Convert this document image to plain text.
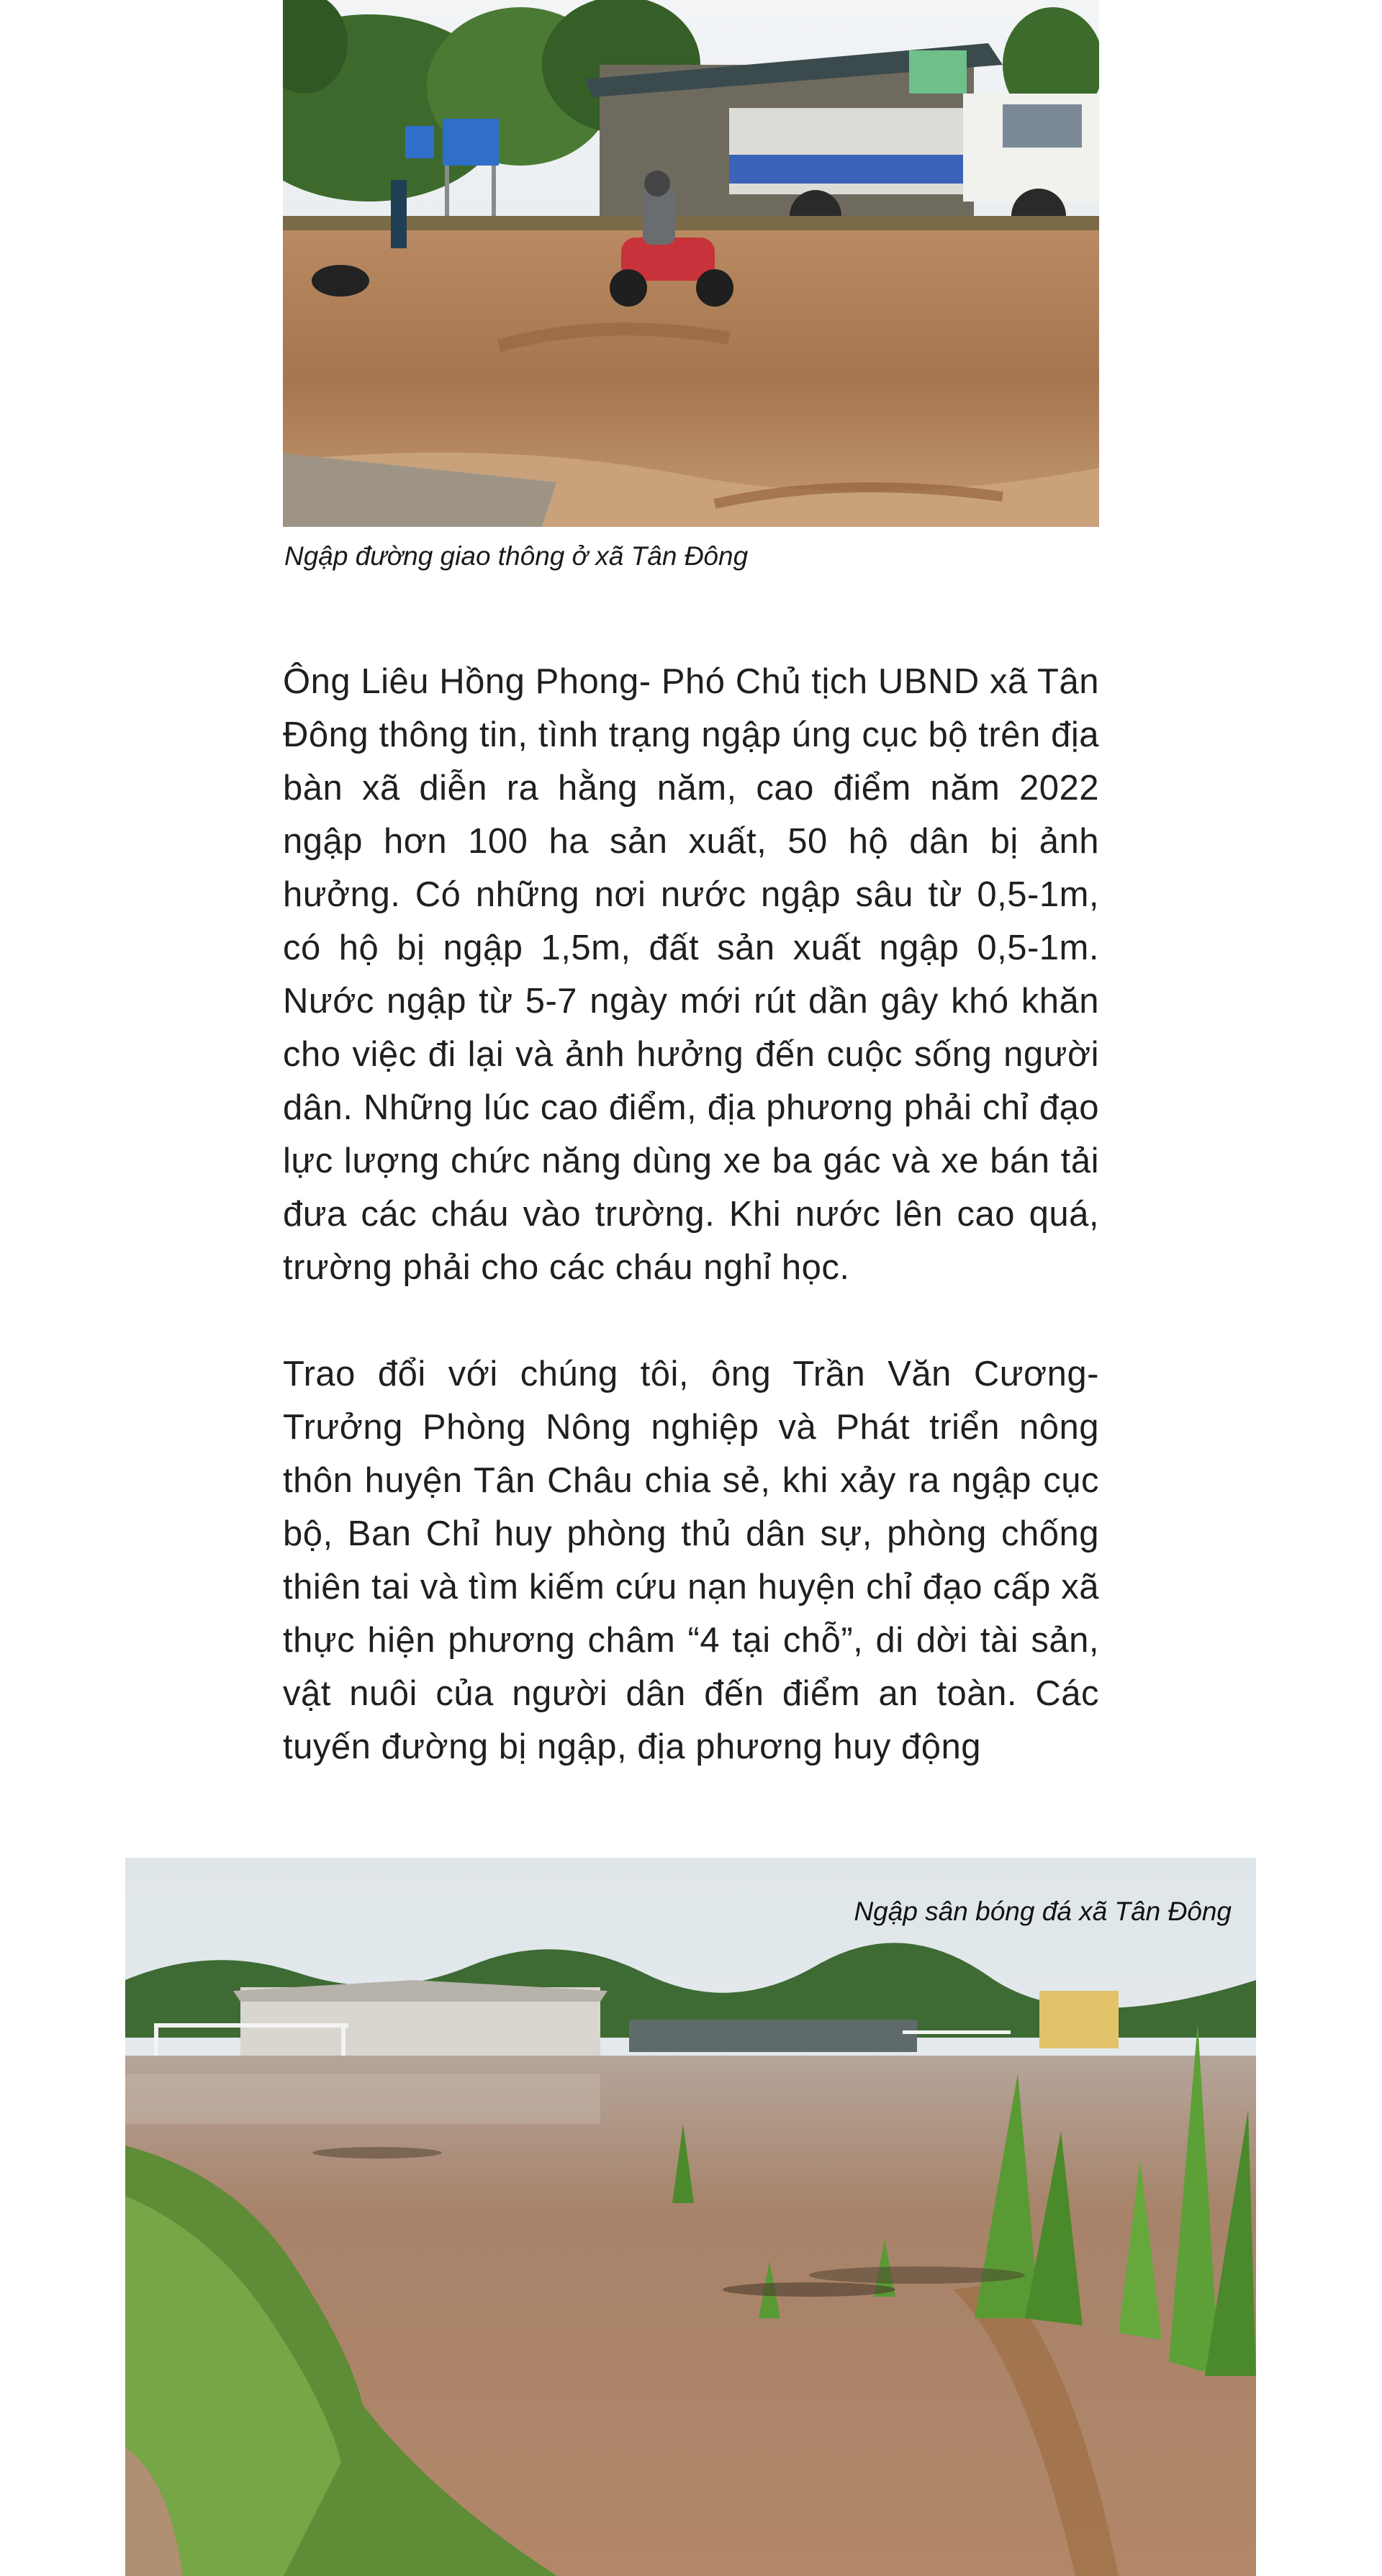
Ngập đường giao thông ở xã Tân Đông

Ông Liêu Hồng Phong- Phó Chủ tịch UBND xã Tân Đông thông tin, tình trạng ngập úng cục bộ trên địa bàn xã diễn ra hằng năm, cao điểm năm 2022 ngập hơn 100 ha sản xuất, 50 hộ dân bị ảnh hưởng. Có những nơi nước ngập sâu từ 0,5-1m, có hộ bị ngập 1,5m, đất sản xuất ngập 0,5-1m. Nước ngập từ 5-7 ngày mới rút dần gây khó khăn cho việc đi lại và ảnh hưởng đến cuộc sống người dân. Những lúc cao điểm, địa phương phải chỉ đạo lực lượng chức năng dùng xe ba gác và xe bán tải đưa các cháu vào trường. Khi nước lên cao quá, trường phải cho các cháu nghỉ học.

Trao đổi với chúng tôi, ông Trần Văn Cương- Trưởng Phòng Nông nghiệp và Phát triển nông thôn huyện Tân Châu chia sẻ, khi xảy ra ngập cục bộ, Ban Chỉ huy phòng thủ dân sự, phòng chống thiên tai và tìm kiếm cứu nạn huyện chỉ đạo cấp xã thực hiện phương châm “4 tại chỗ”, di dời tài sản, vật nuôi của người dân đến điểm an toàn. Các tuyến đường bị ngập, địa phương huy động

Ngập sân bóng đá xã Tân Đông
